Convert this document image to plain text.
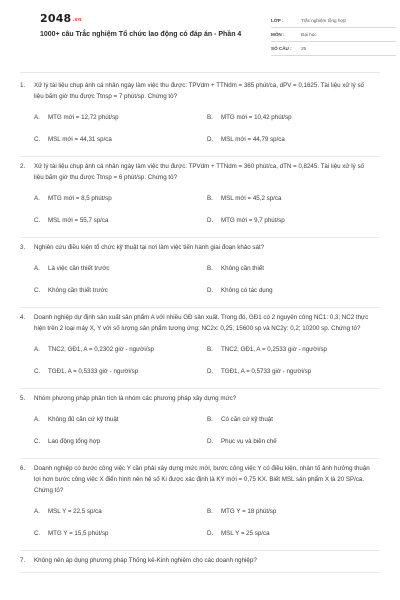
2048.vn
1000+ câu Trắc nghiệm Tổ chức lao động có đáp án - Phần 4
LỚP :	Trắc nghiệm tổng hợp
MÔN :	Đại học
SỐ CÂU :	25
1.	Xử lý tài liệu chụp ảnh cá nhân ngày làm việc thu được: TPVdm + TTNdm = 385 phút/ca, dPV = 0,1625. Tài liệu xử lý số liệu bấm giờ thu được Ttnsp = 7 phút/sp. Chứng tỏ?
A.	MTG mới = 12,72 phút/sp	B.	MTG mới = 10,42 phút/sp
C.	MSL mới = 44,31 sp/ca	D.	MSL mới = 44,79 sp/ca
2.	Xử lý tài liệu chụp ảnh cá nhân ngày làm việc thu được: TPVdm + TTNdm = 360 phút/ca, dTN = 0,8245. Tài liệu xử lý số liệu bấm giờ thu được Ttnsp = 6 phút/sp. Chứng tỏ?
A.	MTG mới = 8,5 phút/sp	B.	MSL mới = 45,2 sp/ca
C.	MSL mới = 55,7 sp/ca	D.	MTG mới = 9,7 phút/sp
3.	Nghiên cứu điều kiện tổ chức kỹ thuật tại nơi làm việc tiến hành giai đoạn khảo sát?
A.	Là việc cần thiết trước	B.	Không cần thiết
C.	Không cần thiết trước	D.	Không có tác dụng
4.	Doanh nghiệp dự định sản xuất sản phẩm A với nhiều GĐ sản xuất. Trong đó, GĐ1 có 2 nguyên công NC1: 0,3; NC2 thực hiện trên 2 loại máy X, Y với số lượng sản phẩm tương ứng: NC2x: 0,25; 15600 sp và NC2y: 0,2; 10200 sp. Chứng tỏ?
A.	TNC2, GĐ1, A = 0,2302 giờ - người/sp	B.	TNC2, GĐ1, A = 0,2533 giờ - người/sp
C.	TGĐ1, A = 0,5333 giờ - người/sp	D.	TGĐ1, A = 0,5733 giờ - người/sp
5.	Nhóm phương pháp phân tích là nhóm các phương pháp xây dựng mức?
A.	Không đủ căn cứ kỹ thuật	B.	Có căn cứ kỹ thuật
C.	Lao động tổng hợp	D.	Phục vụ và biên chế
6.	Doanh nghiệp có bước công việc Y cần phải xây dựng mức mới, bước công việc Y có điều kiện, nhân tố ảnh hưởng thuận lợi hơn bước công việc X điển hình nên hệ số Ki được xác định là KY mới = 0,75 KX. Biết MSL sản phẩm X là 20 SP/ca. Chứng tỏ?
A.	MSL Y = 22,5 sp/ca	B.	MTG Y = 18 phút/sp
C.	MTG Y = 15,5 phút/sp	D.	MSL Y = 25 sp/ca
7.	Không nên áp dụng phương pháp Thống kê-Kinh nghiệm cho các doanh nghiệp?
